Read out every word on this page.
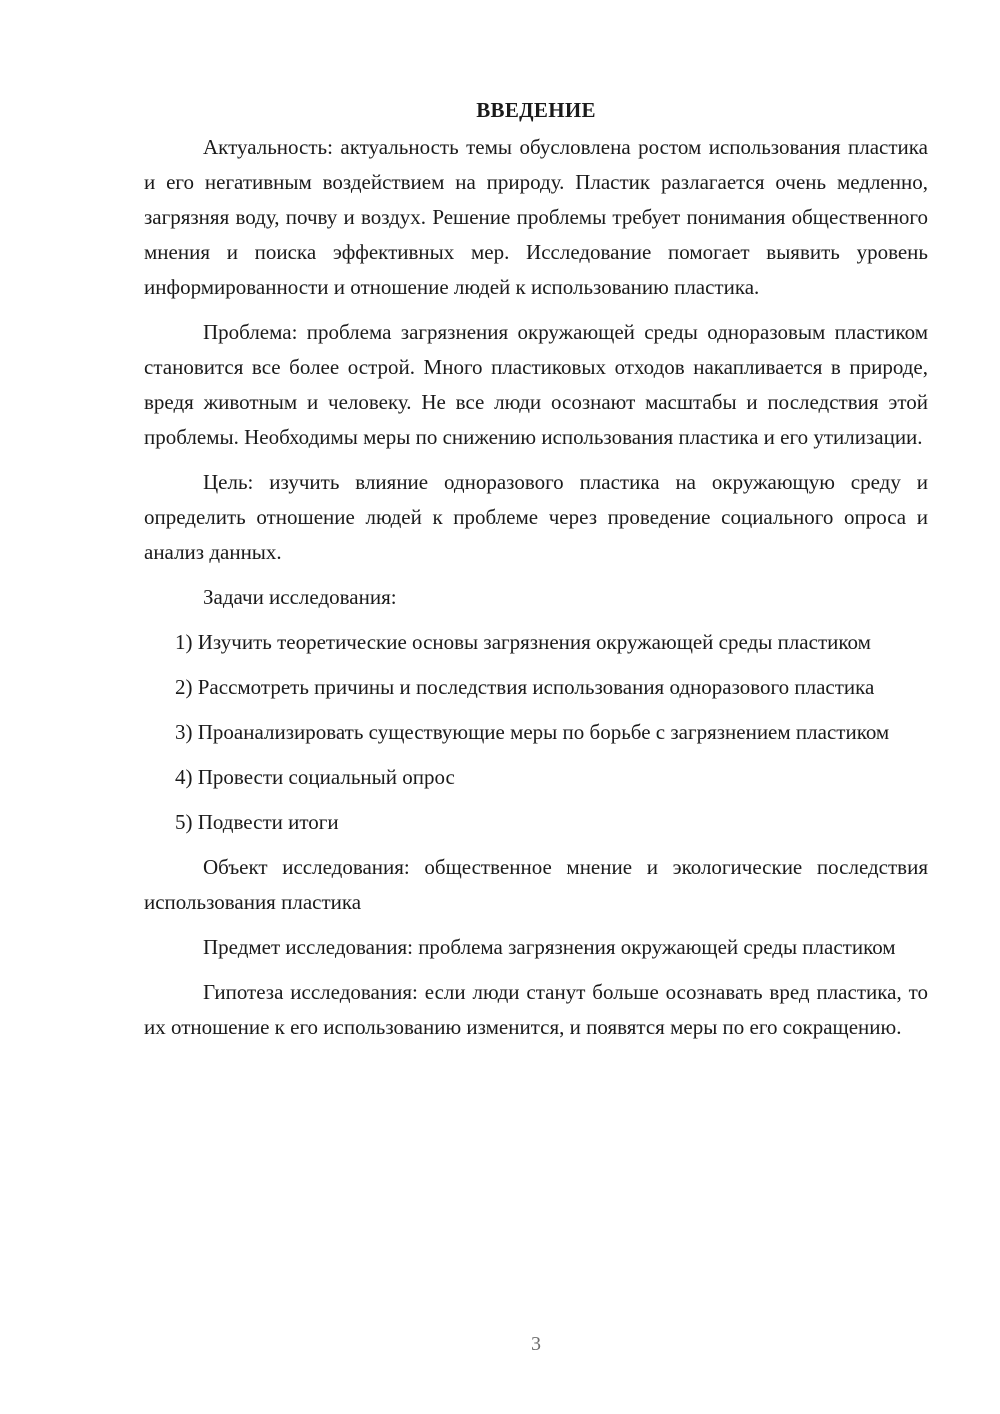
ВВЕДЕНИЕ

Актуальность: актуальность темы обусловлена ростом использования пластика и его негативным воздействием на природу. Пластик разлагается очень медленно, загрязняя воду, почву и воздух. Решение проблемы требует понимания общественного мнения и поиска эффективных мер. Исследование помогает выявить уровень информированности и отношение людей к использованию пластика.

Проблема: проблема загрязнения окружающей среды одноразовым пластиком становится все более острой. Много пластиковых отходов накапливается в природе, вредя животным и человеку. Не все люди осознают масштабы и последствия этой проблемы. Необходимы меры по снижению использования пластика и его утилизации.

Цель: изучить влияние одноразового пластика на окружающую среду и определить отношение людей к проблеме через проведение социального опроса и анализ данных.

Задачи исследования:

1) Изучить теоретические основы загрязнения окружающей среды пластиком

2) Рассмотреть причины и последствия использования одноразового пластика

3) Проанализировать существующие меры по борьбе с загрязнением пластиком

4) Провести социальный опрос

5) Подвести итоги

Объект исследования: общественное мнение и экологические последствия использования пластика

Предмет исследования: проблема загрязнения окружающей среды пластиком

Гипотеза исследования: если люди станут больше осознавать вред пластика, то их отношение к его использованию изменится, и появятся меры по его сокращению.

3
